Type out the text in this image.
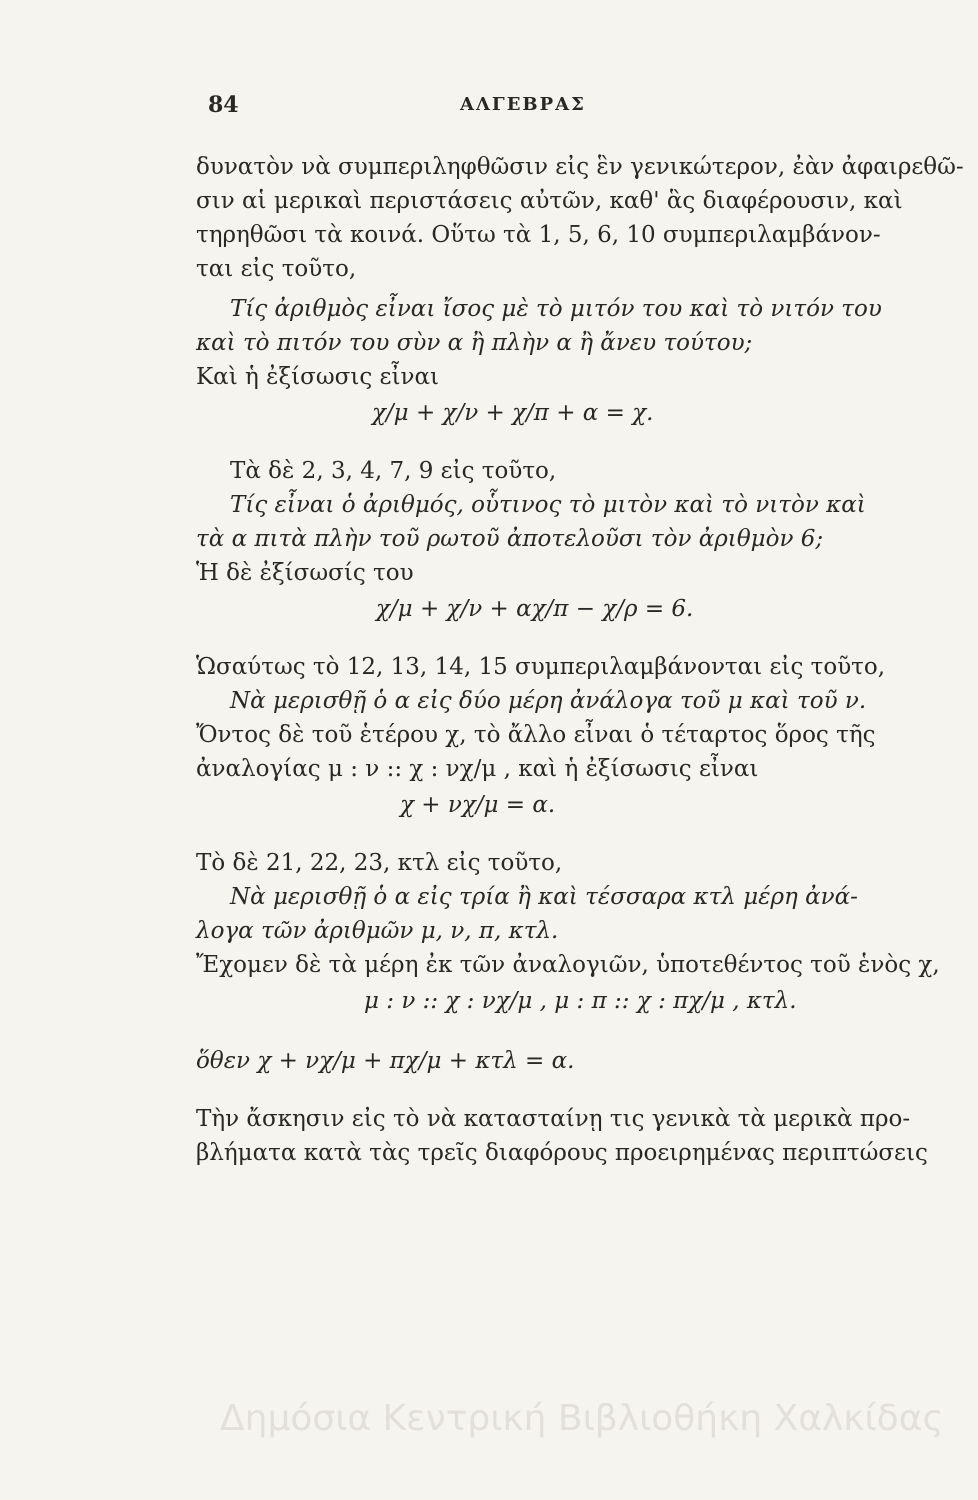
84	ΑΛΓΕΒΡΑΣ
δυνατὸν νὰ συμπεριληφθῶσιν εἰς ἓν γενικώτερον, ἐὰν ἀφαιρεθῶ-
σιν αἱ μερικαὶ περιστάσεις αὐτῶν, καθ' ἃς διαφέρουσιν, καὶ
τηρηθῶσι τὰ κοινά. Οὕτω τὰ 1, 5, 6, 10 συμπεριλαμβάνον-
ται εἰς τοῦτο,
Τίς ἀριθμὸς εἶναι ἴσος μὲ τὸ μιτόν του καὶ τὸ νιτόν του
καὶ τὸ πιτόν του σὺν α ἢ πλὴν α ἢ ἄνευ τούτου;
Καὶ ἡ ἐξίσωσις εἶναι
χ/μ + χ/ν + χ/π + α = χ.
Τὰ δὲ 2, 3, 4, 7, 9 εἰς τοῦτο,
Τίς εἶναι ὁ ἀριθμός, οὗτινος τὸ μιτὸν καὶ τὸ νιτὸν καὶ
τὰ α πιτὰ πλὴν τοῦ ρωτοῦ ἀποτελοῦσι τὸν ἀριθμὸν 6;
Ἡ δὲ ἐξίσωσίς του
χ/μ + χ/ν + αχ/π − χ/ρ = 6.
Ὡσαύτως τὸ 12, 13, 14, 15 συμπεριλαμβάνονται εἰς τοῦτο,
Νὰ μερισθῇ ὁ α εἰς δύο μέρη ἀνάλογα τοῦ μ καὶ τοῦ ν.
Ὄντος δὲ τοῦ ἑτέρου χ, τὸ ἄλλο εἶναι ὁ τέταρτος ὅρος τῆς
ἀναλογίας μ : ν :: χ : νχ/μ , καὶ ἡ ἐξίσωσις εἶναι
χ + νχ/μ = α.
Τὸ δὲ 21, 22, 23, κτλ εἰς τοῦτο,
Νὰ μερισθῇ ὁ α εἰς τρία ἢ καὶ τέσσαρα κτλ μέρη ἀνά-
λογα τῶν ἀριθμῶν μ, ν, π, κτλ.
Ἔχομεν δὲ τὰ μέρη ἐκ τῶν ἀναλογιῶν, ὑποτεθέντος τοῦ ἑνὸς χ,
μ : ν :: χ : νχ/μ , μ : π :: χ : πχ/μ , κτλ.
ὅθεν χ + νχ/μ + πχ/μ + κτλ = α.
Τὴν ἄσκησιν εἰς τὸ νὰ κατασταίνῃ τις γενικὰ τὰ μερικὰ προ-
βλήματα κατὰ τὰς τρεῖς διαφόρους προειρημένας περιπτώσεις
Δημόσια Κεντρική Βιβλιοθήκη Χαλκίδας
